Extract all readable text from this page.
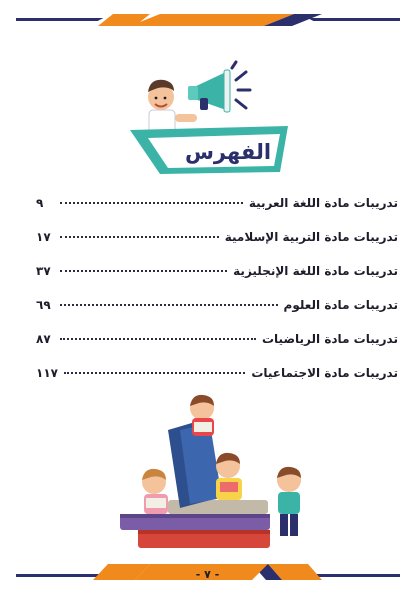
الفهرس
تدريبات مادة اللغة العربية
٩
تدريبات مادة التربية الإسلامية
١٧
تدريبات مادة اللغة الإنجليزية
٣٧
تدريبات مادة العلوم
٦٩
تدريبات مادة الرياضيات
٨٧
تدريبات مادة الاجتماعيات
١١٧
- ٧ -
